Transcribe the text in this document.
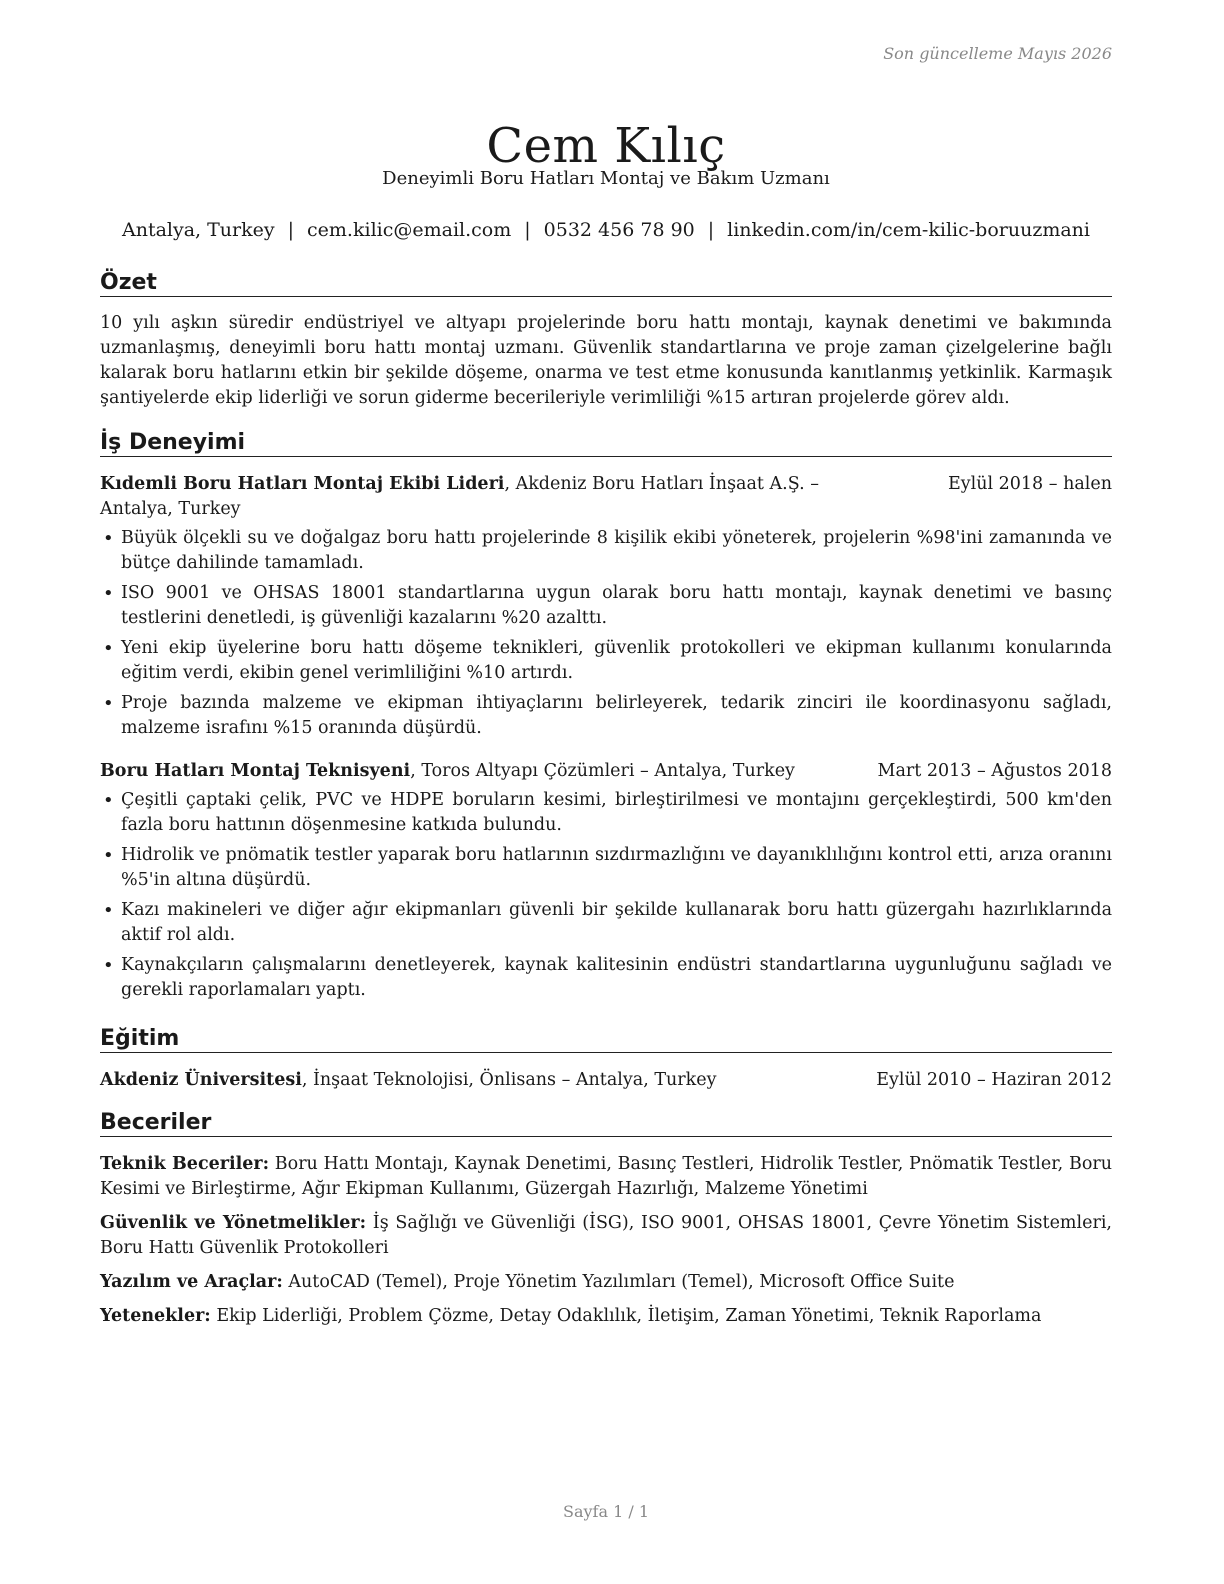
Son güncelleme Mayıs 2026
Cem Kılıç
Deneyimli Boru Hatları Montaj ve Bakım Uzmanı
Antalya, Turkey | cem.kilic@email.com | 0532 456 78 90 | linkedin.com/in/cem-kilic-boruuzmani
Özet

10 yılı aşkın süredir endüstriyel ve altyapı projelerinde boru hattı montajı, kaynak denetimi ve bakımında uzmanlaşmış, deneyimli boru hattı montaj uzmanı. Güvenlik standartlarına ve proje zaman çizelgelerine bağlı kalarak boru hatlarını etkin bir şekilde döşeme, onarma ve test etme konusunda kanıtlanmış yetkinlik. Karmaşık şantiyelerde ekip liderliği ve sorun giderme becerileriyle verimliliği %15 artıran projelerde görev aldı.

İş Deneyimi
Kıdemli Boru Hatları Montaj Ekibi Lideri, Akdeniz Boru Hatları İnşaat A.Ş. – Antalya, Turkey
Eylül 2018 – halen
• Büyük ölçekli su ve doğalgaz boru hattı projelerinde 8 kişilik ekibi yöneterek, projelerin %98'ini zamanında ve bütçe dahilinde tamamladı.
• ISO 9001 ve OHSAS 18001 standartlarına uygun olarak boru hattı montajı, kaynak denetimi ve basınç testlerini denetledi, iş güvenliği kazalarını %20 azalttı.
• Yeni ekip üyelerine boru hattı döşeme teknikleri, güvenlik protokolleri ve ekipman kullanımı konularında eğitim verdi, ekibin genel verimliliğini %10 artırdı.
• Proje bazında malzeme ve ekipman ihtiyaçlarını belirleyerek, tedarik zinciri ile koordinasyonu sağladı, malzeme israfını %15 oranında düşürdü.
Boru Hatları Montaj Teknisyeni, Toros Altyapı Çözümleri – Antalya, Turkey	Mart 2013 – Ağustos 2018
• Çeşitli çaptaki çelik, PVC ve HDPE boruların kesimi, birleştirilmesi ve montajını gerçekleştirdi, 500 km'den fazla boru hattının döşenmesine katkıda bulundu.
• Hidrolik ve pnömatik testler yaparak boru hatlarının sızdırmazlığını ve dayanıklılığını kontrol etti, arıza oranını %5'in altına düşürdü.
• Kazı makineleri ve diğer ağır ekipmanları güvenli bir şekilde kullanarak boru hattı güzergahı hazırlıklarında aktif rol aldı.
• Kaynakçıların çalışmalarını denetleyerek, kaynak kalitesinin endüstri standartlarına uygunluğunu sağladı ve gerekli raporlamaları yaptı.
Eğitim
Akdeniz Üniversitesi, İnşaat Teknolojisi, Önlisans – Antalya, Turkey	Eylül 2010 – Haziran 2012
Beceriler

Teknik Beceriler: Boru Hattı Montajı, Kaynak Denetimi, Basınç Testleri, Hidrolik Testler, Pnömatik Testler, Boru Kesimi ve Birleştirme, Ağır Ekipman Kullanımı, Güzergah Hazırlığı, Malzeme Yönetimi

Güvenlik ve Yönetmelikler: İş Sağlığı ve Güvenliği (İSG), ISO 9001, OHSAS 18001, Çevre Yönetim Sistemleri, Boru Hattı Güvenlik Protokolleri

Yazılım ve Araçlar: AutoCAD (Temel), Proje Yönetim Yazılımları (Temel), Microsoft Office Suite

Yetenekler: Ekip Liderliği, Problem Çözme, Detay Odaklılık, İletişim, Zaman Yönetimi, Teknik Raporlama

Sayfa 1 / 1
